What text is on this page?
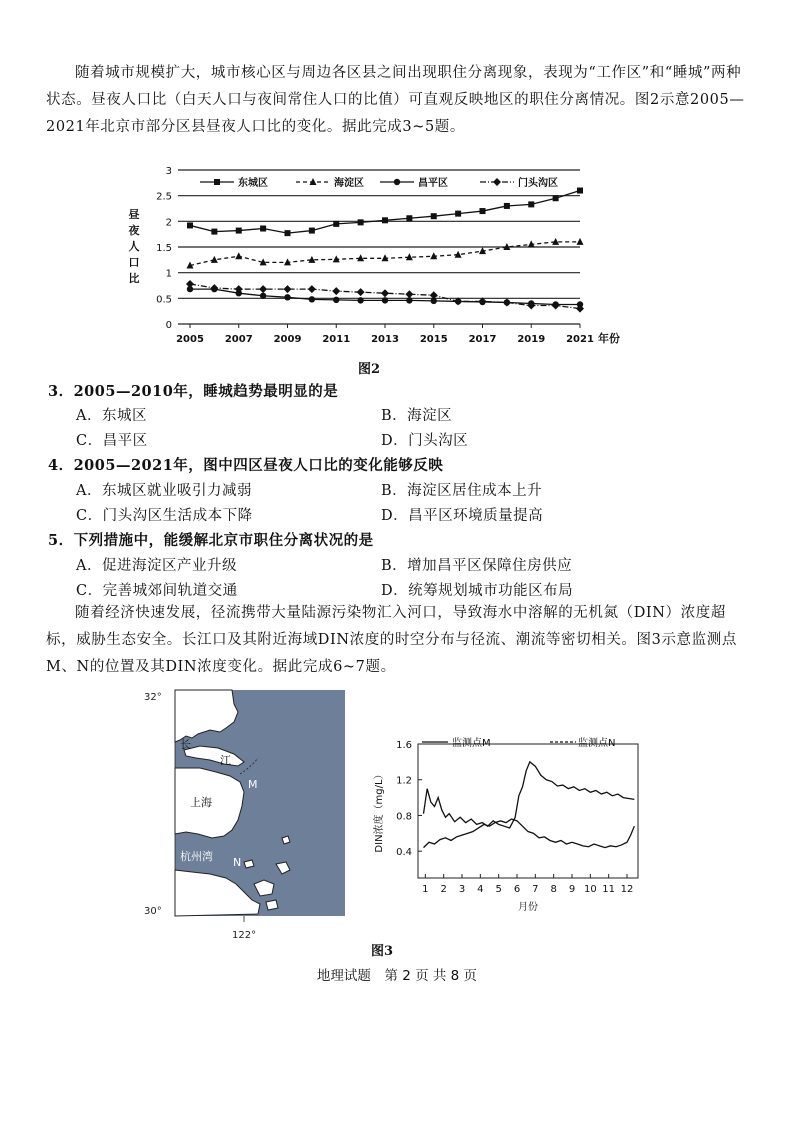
随着城市规模扩大，城市核心区与周边各区县之间出现职住分离现象，表现为“工作区”和“睡城”两种状态。昼夜人口比（白天人口与夜间常住人口的比值）可直观反映地区的职住分离情况。图2示意2005—2021年北京市部分区县昼夜人口比的变化。据此完成3~5题。
0
0.5
1
1.5
2
2.5
3
2005 2007 2009 2011 2013 2015 2017 2019 2021 年份
昼
夜
人
口
比
东城区	海淀区	昌平区	门头沟区
图2
3．2005—2010年，睡城趋势最明显的是
A．东城区	B．海淀区
C．昌平区	D．门头沟区
4．2005—2021年，图中四区昼夜人口比的变化能够反映
A．东城区就业吸引力减弱	B．海淀区居住成本上升
C．门头沟区生活成本下降	D．昌平区环境质量提高
5．下列措施中，能缓解北京市职住分离状况的是
A．促进海淀区产业升级	B．增加昌平区保障住房供应
C．完善城郊间轨道交通	D．统筹规划城市功能区布局
随着经济快速发展，径流携带大量陆源污染物汇入河口，导致海水中溶解的无机氮（DIN）浓度超标，威胁生态安全。长江口及其附近海域DIN浓度的时空分布与径流、潮流等密切相关。图3示意监测点M、N的位置及其DIN浓度变化。据此完成6~7题。
32°
30°
122°
长
江
上海
杭州湾
M
N
1.6
1.2
0.8
0.4
1 2 3 4 5 6 7 8 9 10 11 12
月份
DIN浓度（mg/L）
监测点M	监测点N
图3
地理试题　第 2 页 共 8 页
